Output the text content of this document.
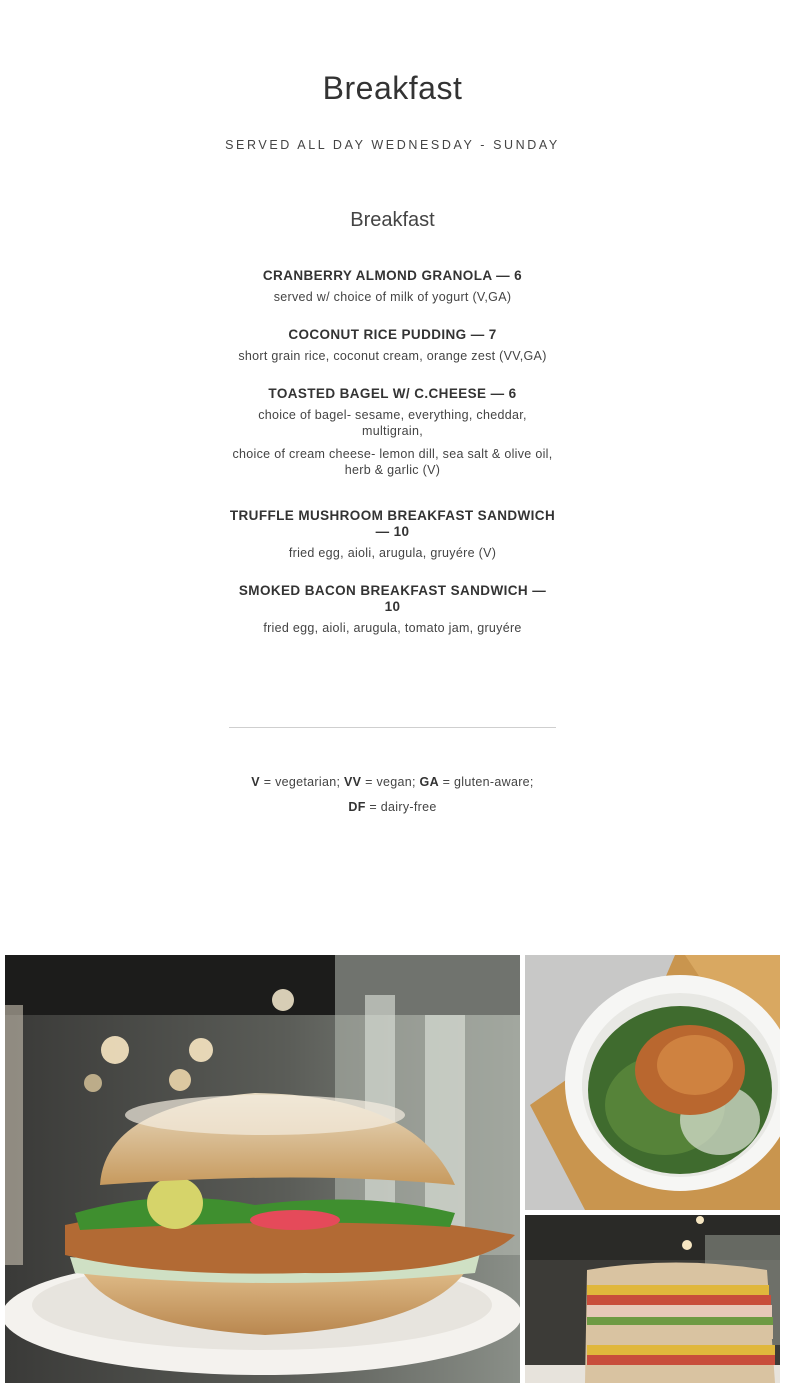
Breakfast
SERVED ALL DAY WEDNESDAY - SUNDAY
Breakfast
CRANBERRY ALMOND GRANOLA — 6
served w/ choice of milk of yogurt (V,GA)
COCONUT RICE PUDDING — 7
short grain rice, coconut cream, orange zest (VV,GA)
TOASTED BAGEL W/ C.CHEESE — 6
choice of bagel- sesame, everything, cheddar, multigrain,
choice of cream cheese- lemon dill, sea salt & olive oil, herb & garlic (V)
TRUFFLE MUSHROOM BREAKFAST SANDWICH — 10
fried egg, aioli, arugula, gruyére (V)
SMOKED BACON BREAKFAST SANDWICH — 10
fried egg, aioli, arugula, tomato jam, gruyére
V = vegetarian; VV = vegan; GA = gluten-aware;
DF = dairy-free
